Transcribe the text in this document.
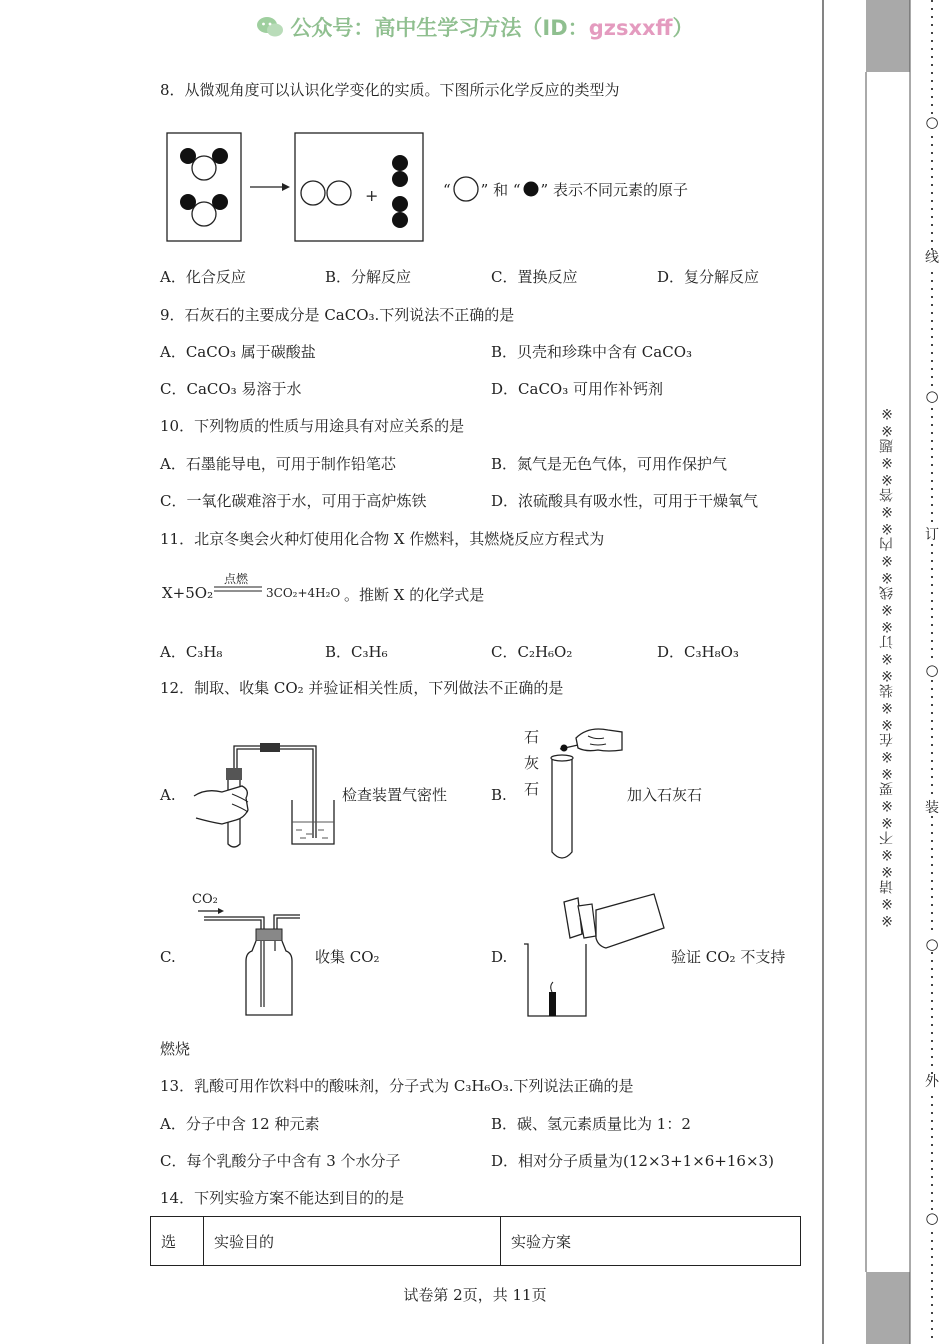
公众号：高中生学习方法（ID：gzsxxff）
8．从微观角度可以认识化学变化的实质。下图所示化学反应的类型为
+	“ ” 和 “ ” 表示不同元素的原子
A．化合反应	B．分解反应	C．置换反应	D．复分解反应
9．石灰石的主要成分是 CaCO₃.下列说法不正确的是
A．CaCO₃ 属于碳酸盐	B．贝壳和珍珠中含有 CaCO₃
C．CaCO₃ 易溶于水	D．CaCO₃ 可用作补钙剂
10．下列物质的性质与用途具有对应关系的是
A．石墨能导电，可用于制作铅笔芯	B．氮气是无色气体，可用作保护气
C．一氧化碳难溶于水，可用于高炉炼铁	D．浓硫酸具有吸水性，可用于干燥氧气
11．北京冬奥会火种灯使用化合物 X 作燃料，其燃烧反应方程式为
X+5O₂
点燃
3CO₂+4H₂O 。推断 X 的化学式是
A．C₃H₈	B．C₃H₆	C．C₂H₆O₂	D．C₃H₈O₃
12．制取、收集 CO₂ 并验证相关性质，下列做法不正确的是
A.	检查装置气密性	B.
石
灰
石	加入石灰石
C.
CO₂
收集 CO₂	D.	验证 CO₂ 不支持
燃烧
13．乳酸可用作饮料中的酸味剂，分子式为 C₃H₆O₃.下列说法正确的是
A．分子中含 12 种元素	B．碳、氢元素质量比为 1：2
C．每个乳酸分子中含有 3 个水分子	D．相对分子质量为(12×3+1×6+16×3)
14．下列实验方案不能达到目的的是
选	实验目的	实验方案
试卷第 2页，共 11页
※※请※※不※※要※※在※※装※※订※※线※※内※※答※※题※※
○
线
○
订
○
装
○
外
○
